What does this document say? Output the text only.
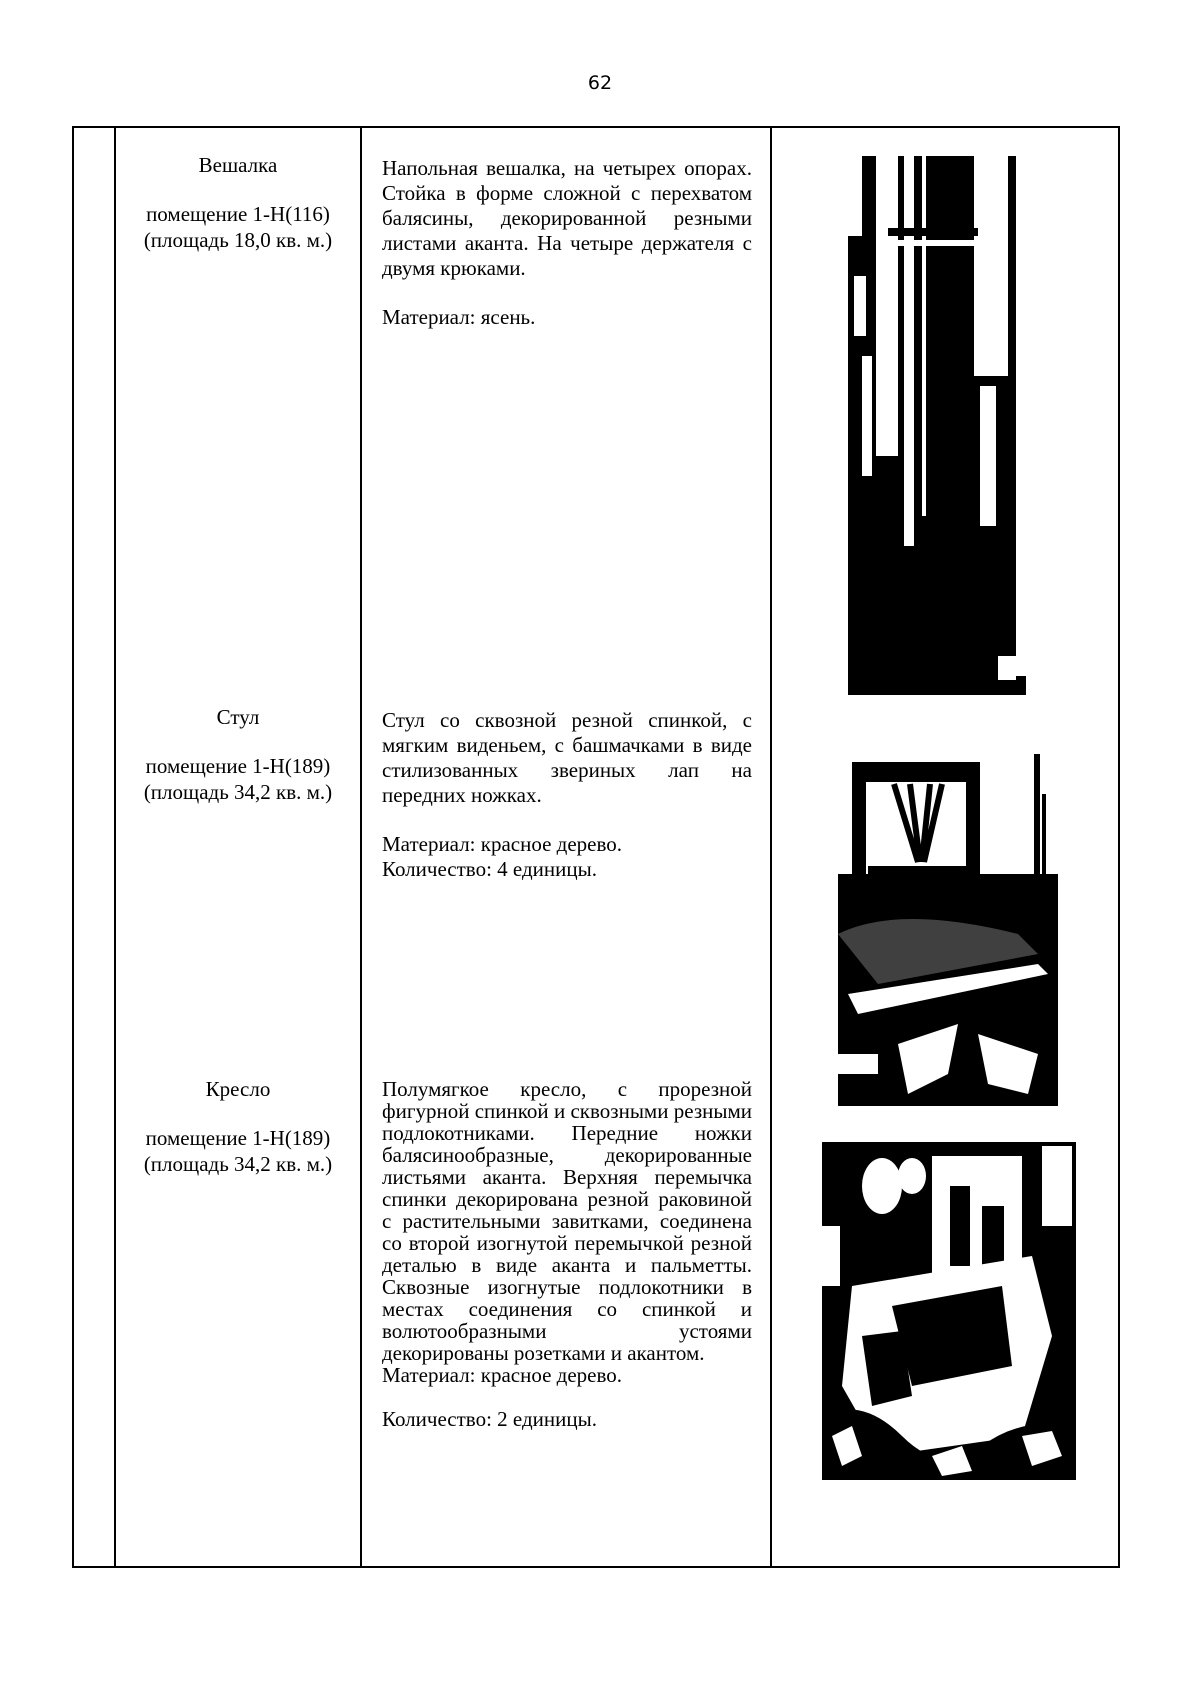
62
Вешалка
помещение 1-Н(116)
(площадь 18,0 кв. м.)

Напольная вешалка, на четырех опорах. Стойка в форме сложной с перехватом балясины, декорированной резными листами аканта. На четыре держателя с двумя крюками.

Материал: ясень.

Стул
помещение 1-Н(189)
(площадь 34,2 кв. м.)

Стул со сквозной резной спинкой, с мягким виденьем, с башмачками в виде стилизованных звериных лап на передних ножках.

Материал: красное дерево.

Количество: 4 единицы.

Кресло
помещение 1-Н(189)
(площадь 34,2 кв. м.)

Полумягкое кресло, с прорезной фигурной спинкой и сквозными резными подлокотниками. Передние ножки балясинообразные, декорированные листьями аканта. Верхняя перемычка спинки декорирована резной раковиной с растительными завитками, соединена со второй изогнутой перемычкой резной деталью в виде аканта и пальметты. Сквозные изогнутые подлокотники в местах соединения со спинкой и волютообразными устоями декорированы розетками и акантом.

Материал: красное дерево.

Количество: 2 единицы.
